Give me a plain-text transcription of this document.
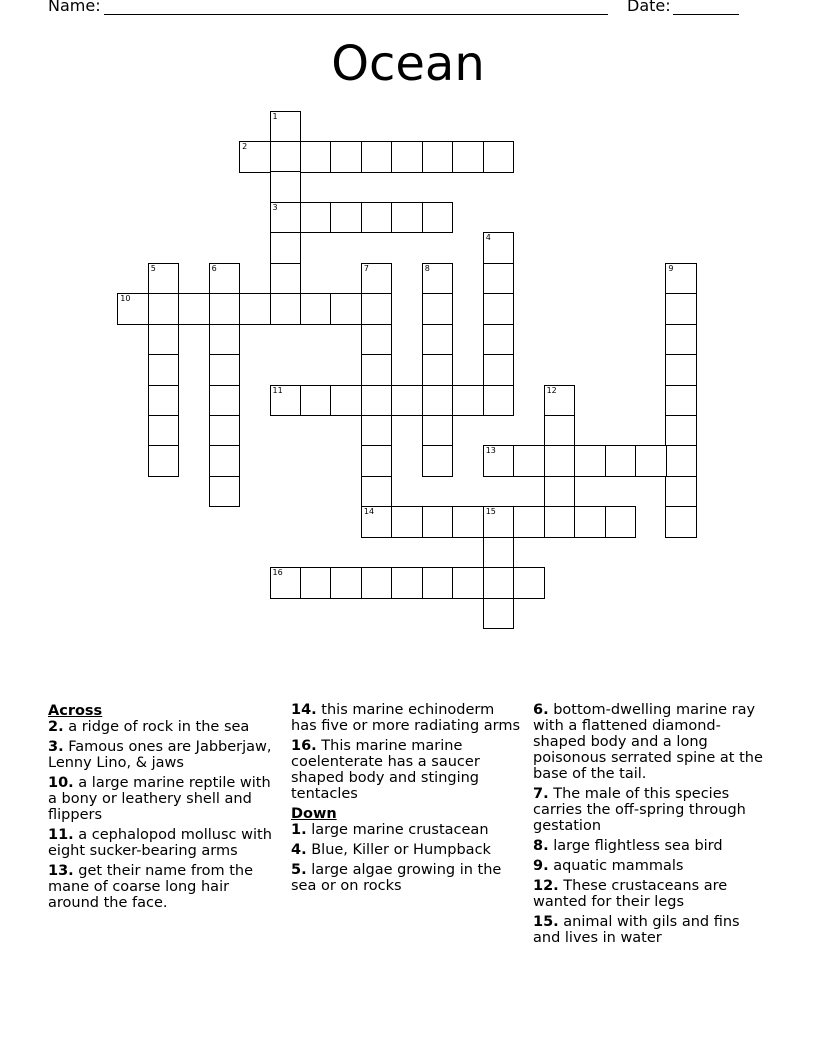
Name:	Date:
Ocean
1
3
2
4
5	6	7	8	9
10
11	12
13
14	15
16
Across
2. a ridge of rock in the sea
3. Famous ones are Jabberjaw, Lenny Lino, & jaws
10. a large marine reptile with a bony or leathery shell and flippers
11. a cephalopod mollusc with eight sucker-bearing arms
13. get their name from the mane of coarse long hair around the face.
14. this marine echinoderm has five or more radiating arms
16. This marine marine coelenterate has a saucer shaped body and stinging tentacles
Down
1. large marine crustacean
4. Blue, Killer or Humpback
5. large algae growing in the sea or on rocks
6. bottom-dwelling marine ray with a flattened diamond-shaped body and a long poisonous serrated spine at the base of the tail.
7. The male of this species carries the off-spring through gestation
8. large flightless sea bird
9. aquatic mammals
12. These crustaceans are wanted for their legs
15. animal with gils and fins and lives in water
